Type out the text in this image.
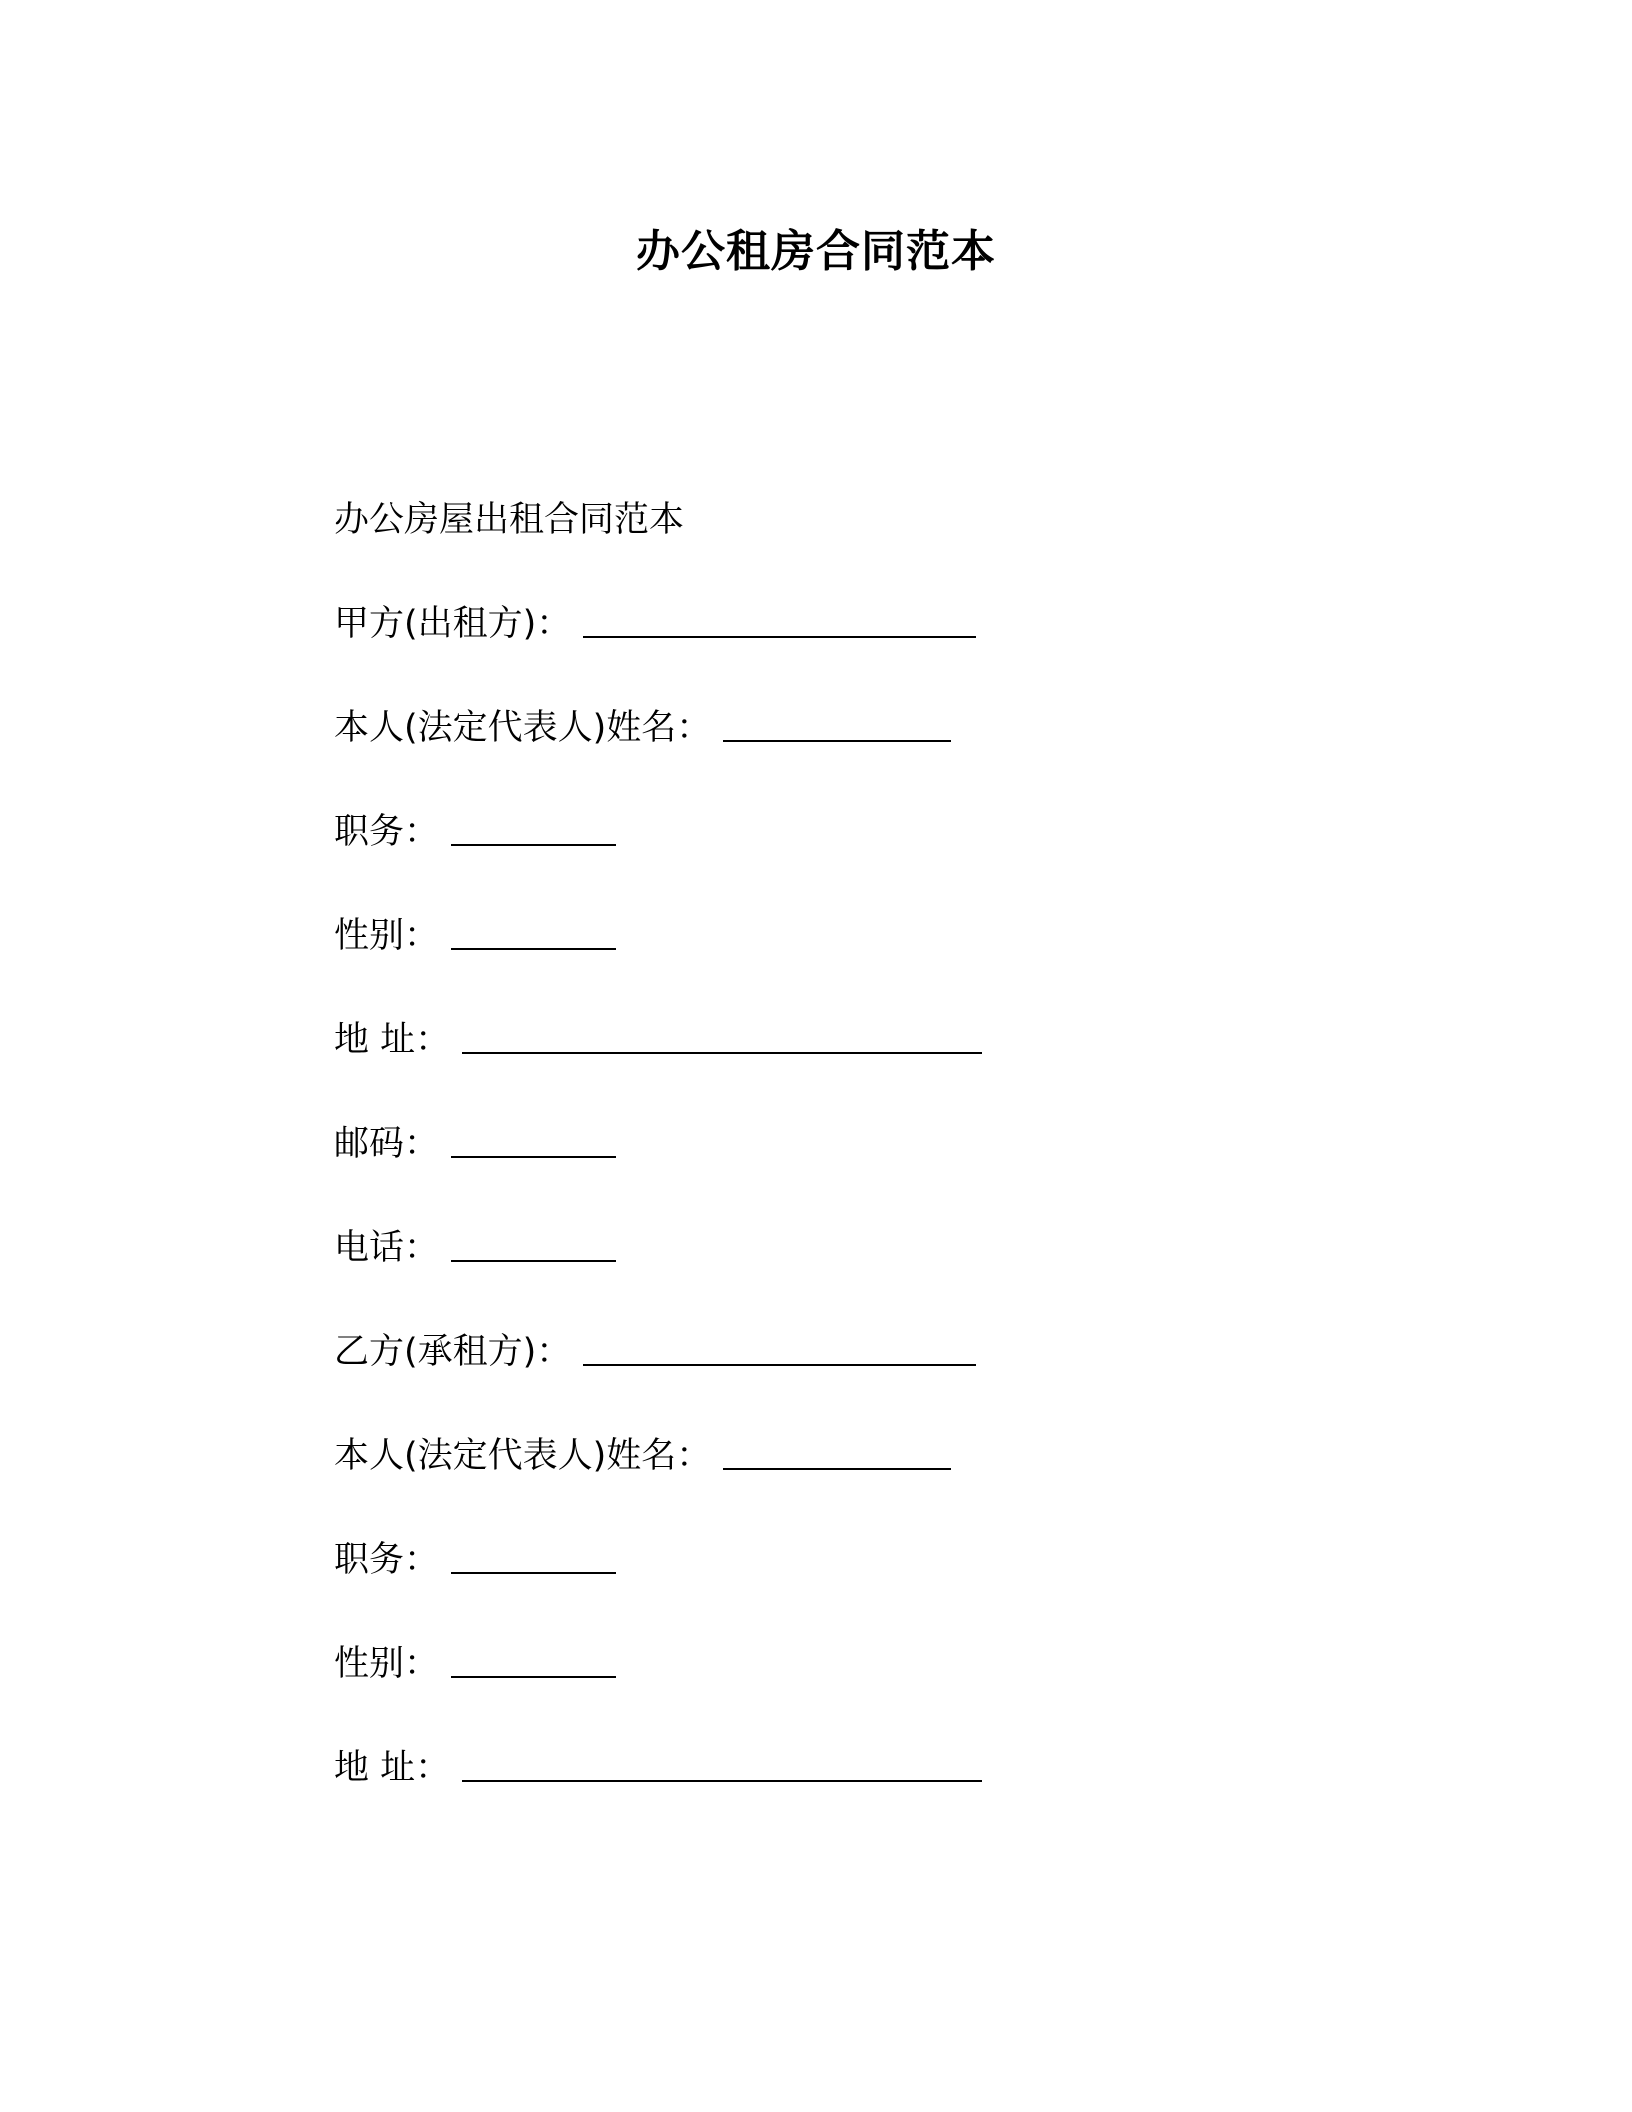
办公租房合同范本
办公房屋出租合同范本
甲方(出租方)：
本人(法定代表人)姓名：
职务：
性别：
地 址：
邮码：
电话：
乙方(承租方)：
本人(法定代表人)姓名：
职务：
性别：
地 址：
